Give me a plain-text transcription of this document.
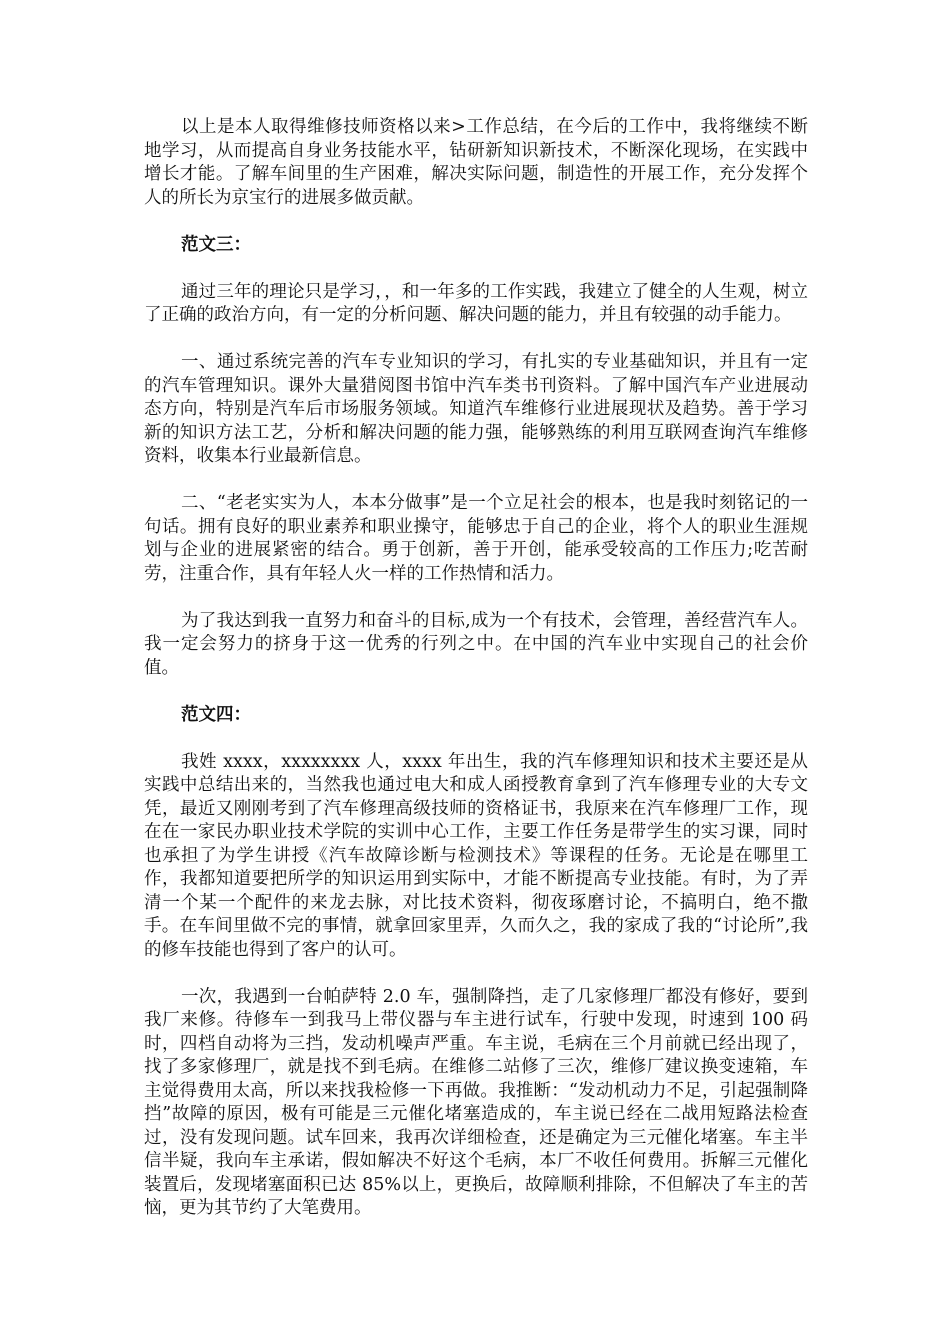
以上是本人取得维修技师资格以来>工作总结，在今后的工作中，我将继续不断地学习，从而提高自身业务技能水平，钻研新知识新技术，不断深化现场，在实践中增长才能。了解车间里的生产困难，解决实际问题，制造性的开展工作，充分发挥个人的所长为京宝行的进展多做贡献。

范文三：

通过三年的理论只是学习，，和一年多的工作实践，我建立了健全的人生观，树立了正确的政治方向，有一定的分析问题、解决问题的能力，并且有较强的动手能力。

一、通过系统完善的汽车专业知识的学习，有扎实的专业基础知识，并且有一定的汽车管理知识。课外大量猎阅图书馆中汽车类书刊资料。了解中国汽车产业进展动态方向，特别是汽车后市场服务领域。知道汽车维修行业进展现状及趋势。善于学习新的知识方法工艺，分析和解决问题的能力强，能够熟练的利用互联网查询汽车维修资料，收集本行业最新信息。

二、“老老实实为人，本本分做事”是一个立足社会的根本，也是我时刻铭记的一句话。拥有良好的职业素养和职业操守，能够忠于自己的企业，将个人的职业生涯规划与企业的进展紧密的结合。勇于创新，善于开创，能承受较高的工作压力;吃苦耐劳，注重合作，具有年轻人火一样的工作热情和活力。

为了我达到我一直努力和奋斗的目标,成为一个有技术，会管理，善经营汽车人。我一定会努力的挤身于这一优秀的行列之中。在中国的汽车业中实现自己的社会价值。

范文四：

我姓 xxxx，xxxxxxxx 人，xxxx 年出生，我的汽车修理知识和技术主要还是从实践中总结出来的，当然我也通过电大和成人函授教育拿到了汽车修理专业的大专文凭，最近又刚刚考到了汽车修理高级技师的资格证书，我原来在汽车修理厂工作，现在在一家民办职业技术学院的实训中心工作，主要工作任务是带学生的实习课，同时也承担了为学生讲授《汽车故障诊断与检测技术》等课程的任务。无论是在哪里工作，我都知道要把所学的知识运用到实际中，才能不断提高专业技能。有时，为了弄清一个某一个配件的来龙去脉，对比技术资料，彻夜琢磨讨论，不搞明白，绝不撒手。在车间里做不完的事情，就拿回家里弄，久而久之，我的家成了我的“讨论所”,我的修车技能也得到了客户的认可。

一次，我遇到一台帕萨特 2.0 车，强制降挡，走了几家修理厂都没有修好，要到我厂来修。待修车一到我马上带仪器与车主进行试车，行驶中发现，时速到 100 码时，四档自动将为三挡，发动机噪声严重。车主说，毛病在三个月前就已经出现了，找了多家修理厂，就是找不到毛病。在维修二站修了三次，维修厂建议换变速箱，车主觉得费用太高，所以来找我检修一下再做。我推断：“发动机动力不足，引起强制降挡”故障的原因，极有可能是三元催化堵塞造成的，车主说已经在二战用短路法检查过，没有发现问题。试车回来，我再次详细检查，还是确定为三元催化堵塞。车主半信半疑，我向车主承诺，假如解决不好这个毛病，本厂不收任何费用。拆解三元催化装置后，发现堵塞面积已达 85%以上，更换后，故障顺利排除，不但解决了车主的苦恼，更为其节约了大笔费用。
